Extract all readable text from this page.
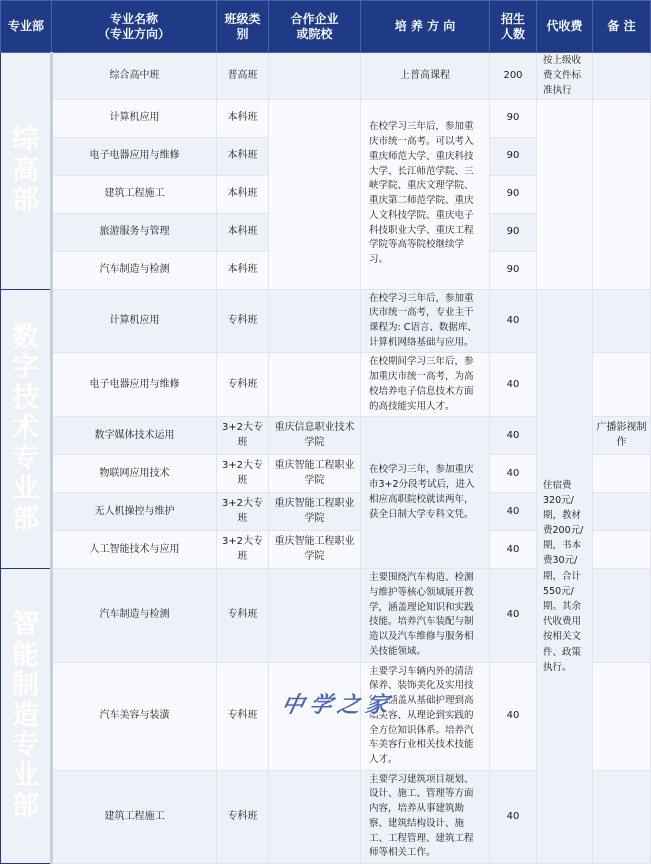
专业部	专业名称
（专业方向）	班级类别	合作企业
或院校	培 养 方 向	招生
人数	代收费	备 注
综高部	综合高中班	普高班		上普高课程	200	按上级收费文件标准执行	
	计算机应用	本科班		在校学习三年后，参加重庆市统一高考。可以考入重庆师范大学、重庆科技大学、长江师范学院、三峡学院、重庆文理学院、重庆第二师范学院、重庆人文科技学院、重庆电子科技职业大学、重庆工程学院等高等院校继续学习。	90		
	电子电器应用与维修	本科班			90		
	建筑工程施工	本科班			90		
	旅游服务与管理	本科班			90		
	汽车制造与检测	本科班			90		
数字技术专业部	计算机应用	专科班		在校学习三年后，参加重庆市统一高考，专业主干课程为: C语言、数据库、计算机网络基础与应用。	40	住宿费320元/期，教材费200元/期，书本费30元/期，合计550元/期。其余代收费用按相关文件、政策执行。	
	电子电器应用与维修	专科班		在校期间学习三年后，参加重庆市统一高考，为高校培养电子信息技术方面的高技能实用人才。	40		
	数字媒体技术运用	3+2大专班	重庆信息职业技术学院	在校学习三年，参加重庆市3+2分段考试后，进入相应高职院校就读两年，获全日制大学专科文凭。	40		广播影视制作
	物联网应用技术	3+2大专班	重庆智能工程职业学院		40		
	无人机操控与维护	3+2大专班	重庆智能工程职业学院		40		
	人工智能技术与应用	3+2大专班	重庆智能工程职业学院		40		
智能制造专业部	汽车制造与检测	专科班		主要围绕汽车构造、检测与维护等核心领域展开教学，涵盖理论知识和实践技能。培养汽车装配与制造以及汽车维修与服务相关技能领域。	40		
	汽车美容与装潢	专科班		主要学习车辆内外的清洁保养、装饰美化及实用技能，涵盖从基础护理到高端美容、从理论到实践的全方位知识体系。培养汽车美容行业相关技术技能人才。	40		
	建筑工程施工	专科班		主要学习建筑项目规划、设计、施工、管理等方面内容，培养从事建筑勘察、建筑结构设计、施工、工程管理、建筑工程师等相关工作。	40		
中学之家
